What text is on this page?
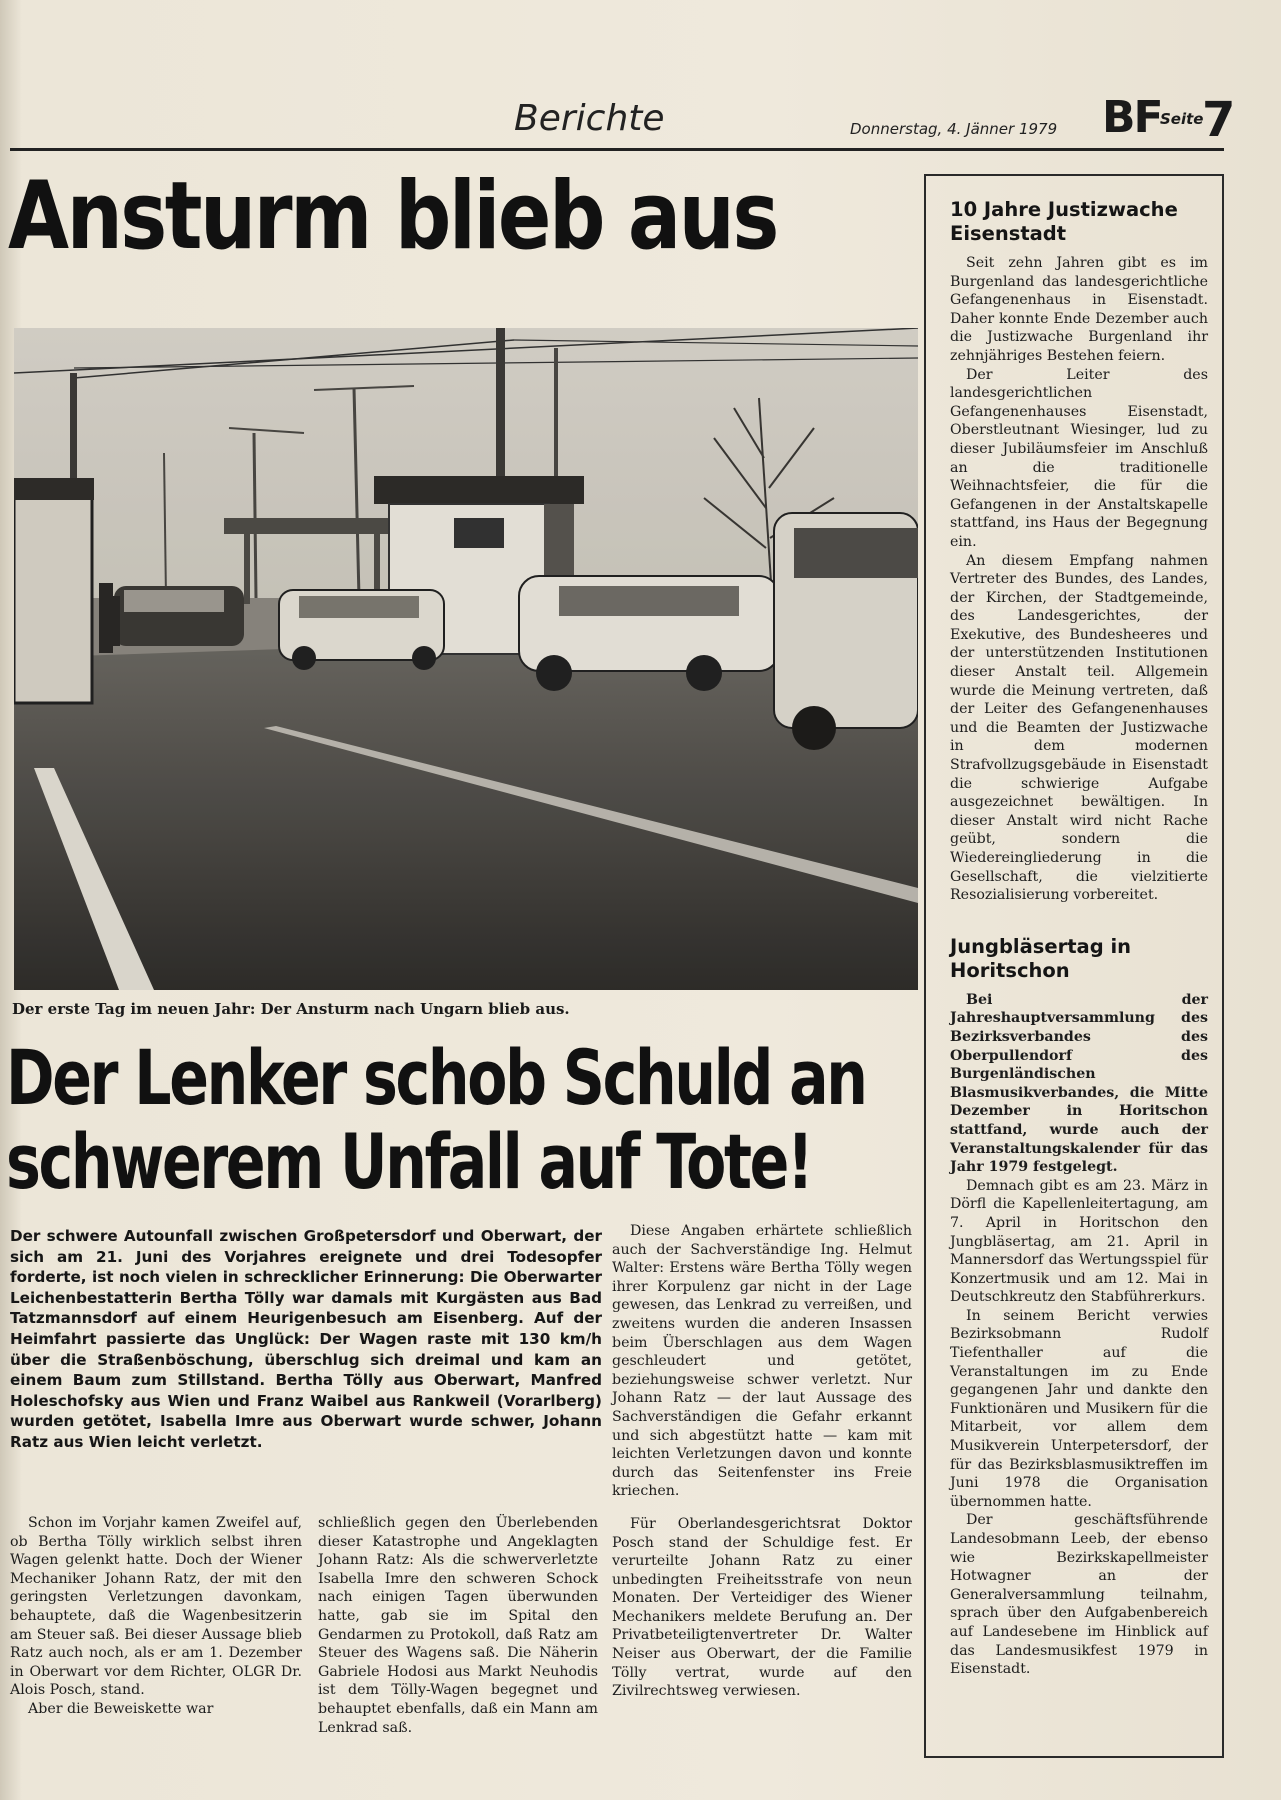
Berichte	Donnerstag, 4. Jänner 1979 BF
Seite
7
Ansturm blieb aus
Der erste Tag im neuen Jahr: Der Ansturm nach Ungarn blieb aus.
Der Lenker schob Schuld an
schwerem Unfall auf Tote!

Der schwere Autounfall zwischen Großpetersdorf und Oberwart, der sich am 21. Juni des Vorjahres ereignete und drei Todesopfer forderte, ist noch vielen in schrecklicher Erinnerung: Die Oberwarter Leichenbestatterin Bertha Tölly war damals mit Kurgästen aus Bad Tatzmannsdorf auf einem Heurigenbesuch am Eisenberg. Auf der Heimfahrt passierte das Unglück: Der Wagen raste mit 130 km/h über die Straßenböschung, überschlug sich dreimal und kam an einem Baum zum Stillstand. Bertha Tölly aus Oberwart, Manfred Holeschofsky aus Wien und Franz Waibel aus Rankweil (Vorarlberg) wurden getötet, Isabella Imre aus Oberwart wurde schwer, Johann Ratz aus Wien leicht verletzt.

Schon im Vorjahr kamen Zweifel auf, ob Bertha Tölly wirklich selbst ihren Wagen gelenkt hatte. Doch der Wiener Mechaniker Johann Ratz, der mit den geringsten Verletzungen davonkam, behauptete, daß die Wagenbesitzerin am Steuer saß. Bei dieser Aussage blieb Ratz auch noch, als er am 1. Dezember in Oberwart vor dem Richter, OLGR Dr. Alois Posch, stand.

Aber die Beweiskette war

schließlich gegen den Überlebenden dieser Katastrophe und Angeklagten Johann Ratz: Als die schwerverletzte Isabella Imre den schweren Schock nach einigen Tagen überwunden hatte, gab sie im Spital den Gendarmen zu Protokoll, daß Ratz am Steuer des Wagens saß. Die Näherin Gabriele Hodosi aus Markt Neuhodis ist dem Tölly-Wagen begegnet und behauptet ebenfalls, daß ein Mann am Lenkrad saß.

Diese Angaben erhärtete schließlich auch der Sachverständige Ing. Helmut Walter: Erstens wäre Bertha Tölly wegen ihrer Korpulenz gar nicht in der Lage gewesen, das Lenkrad zu verreißen, und zweitens wurden die anderen Insassen beim Überschlagen aus dem Wagen geschleudert und getötet, beziehungsweise schwer verletzt. Nur Johann Ratz — der laut Aussage des Sachverständigen die Gefahr erkannt und sich abgestützt hatte — kam mit leichten Verletzungen davon und konnte durch das Seitenfenster ins Freie kriechen.

Für Oberlandesgerichtsrat Doktor Posch stand der Schuldige fest. Er verurteilte Johann Ratz zu einer unbedingten Freiheitsstrafe von neun Monaten. Der Verteidiger des Wiener Mechanikers meldete Berufung an. Der Privatbeteiligtenvertreter Dr. Walter Neiser aus Oberwart, der die Familie Tölly vertrat, wurde auf den Zivilrechtsweg verwiesen.

10 Jahre Justizwache Eisenstadt

Seit zehn Jahren gibt es im Burgenland das landesgerichtliche Gefangenenhaus in Eisenstadt. Daher konnte Ende Dezember auch die Justizwache Burgenland ihr zehnjähriges Bestehen feiern.

Der Leiter des landesgerichtlichen Gefangenenhauses Eisenstadt, Oberstleutnant Wiesinger, lud zu dieser Jubiläumsfeier im Anschluß an die traditionelle Weihnachtsfeier, die für die Gefangenen in der Anstaltskapelle stattfand, ins Haus der Begegnung ein.

An diesem Empfang nahmen Vertreter des Bundes, des Landes, der Kirchen, der Stadtgemeinde, des Landesgerichtes, der Exekutive, des Bundesheeres und der unterstützenden Institutionen dieser Anstalt teil. Allgemein wurde die Meinung vertreten, daß der Leiter des Gefangenenhauses und die Beamten der Justizwache in dem modernen Strafvollzugsgebäude in Eisenstadt die schwierige Aufgabe ausgezeichnet bewältigen. In dieser Anstalt wird nicht Rache geübt, sondern die Wiedereingliederung in die Gesellschaft, die vielzitierte Resozialisierung vorbereitet.

Jungbläsertag in Horitschon

Bei der Jahreshauptversammlung des Bezirksverbandes des Oberpullendorf des Burgenländischen Blasmusikverbandes, die Mitte Dezember in Horitschon stattfand, wurde auch der Veranstaltungskalender für das Jahr 1979 festgelegt.

Demnach gibt es am 23. März in Dörfl die Kapellenleitertagung, am 7. April in Horitschon den Jungbläsertag, am 21. April in Mannersdorf das Wertungsspiel für Konzertmusik und am 12. Mai in Deutschkreutz den Stabführerkurs.

In seinem Bericht verwies Bezirksobmann Rudolf Tiefenthaller auf die Veranstaltungen im zu Ende gegangenen Jahr und dankte den Funktionären und Musikern für die Mitarbeit, vor allem dem Musikverein Unterpetersdorf, der für das Bezirksblasmusiktreffen im Juni 1978 die Organisation übernommen hatte.

Der geschäftsführende Landesobmann Leeb, der ebenso wie Bezirkskapellmeister Hotwagner an der Generalversammlung teilnahm, sprach über den Aufgabenbereich auf Landesebene im Hinblick auf das Landesmusikfest 1979 in Eisenstadt.
